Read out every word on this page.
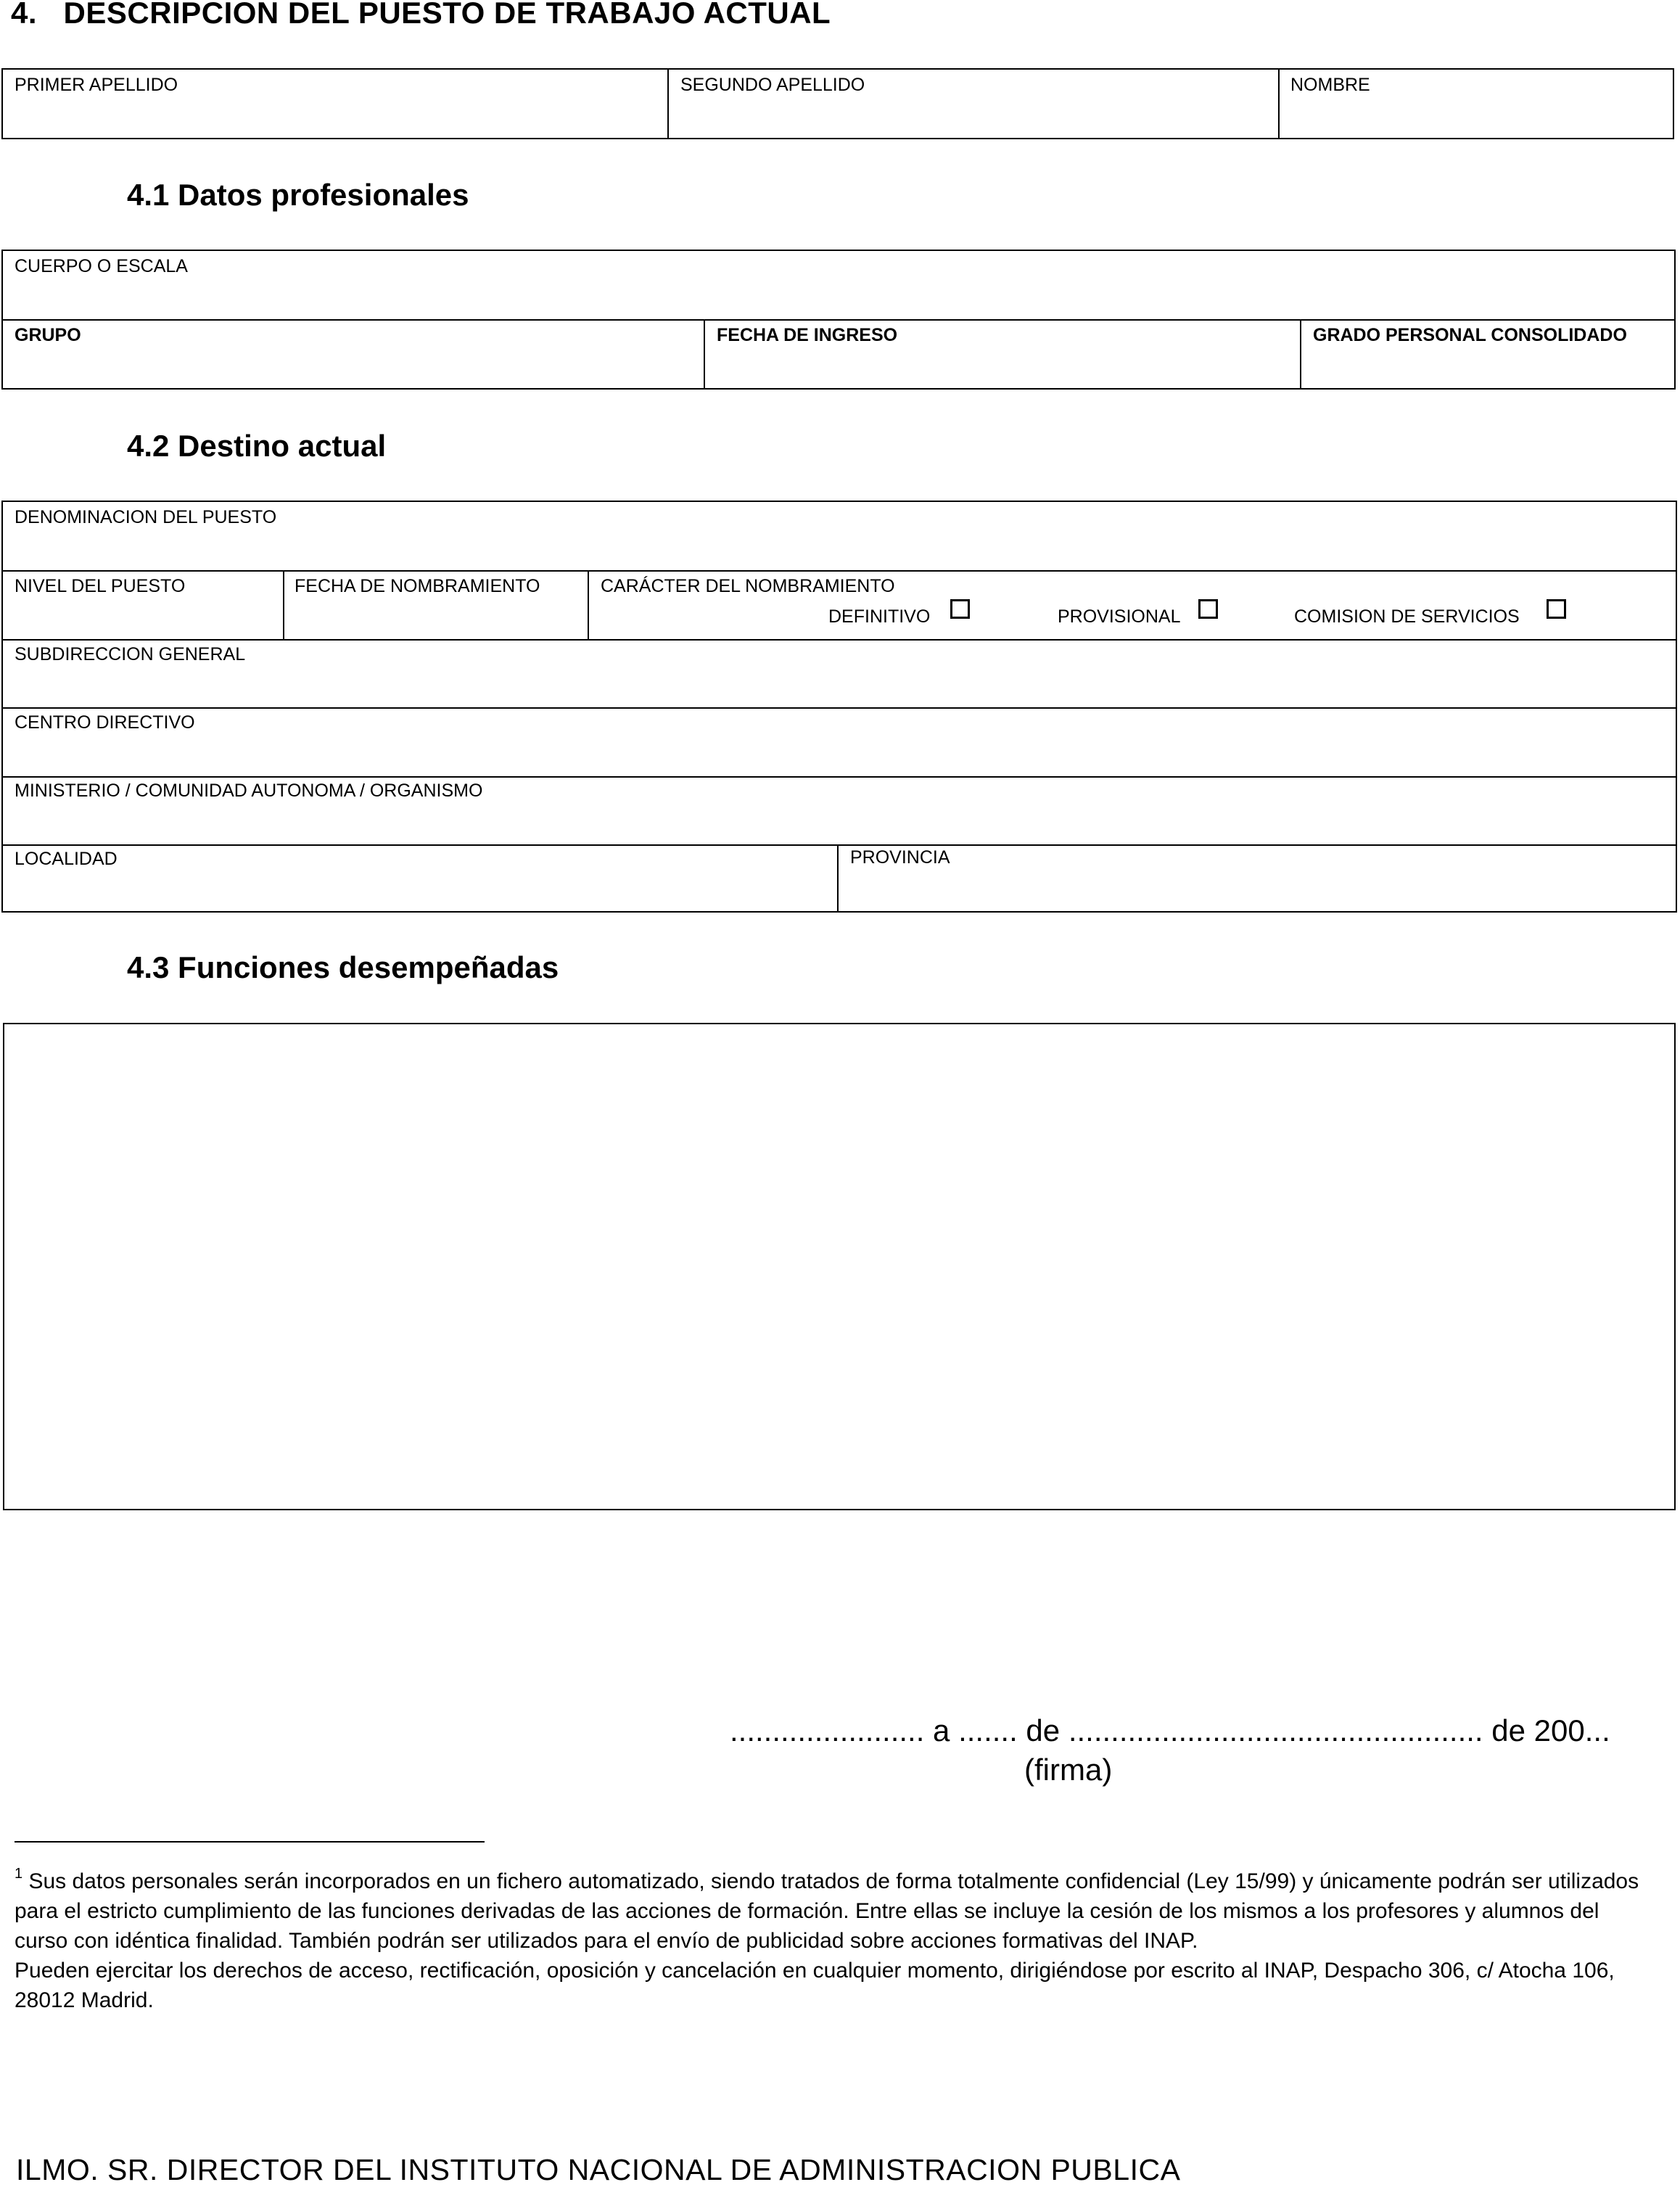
4. DESCRIPCION DEL PUESTO DE TRABAJO ACTUAL
PRIMER APELLIDO	SEGUNDO APELLIDO	NOMBRE
4.1 Datos profesionales
CUERPO O ESCALA
GRUPO	FECHA DE INGRESO	GRADO PERSONAL CONSOLIDADO
4.2 Destino actual
DENOMINACION DEL PUESTO
NIVEL DEL PUESTO	FECHA DE NOMBRAMIENTO	CARÁCTER DEL NOMBRAMIENTO
DEFINITIVO	PROVISIONAL	COMISION DE SERVICIOS
SUBDIRECCION GENERAL
CENTRO DIRECTIVO
MINISTERIO / COMUNIDAD AUTONOMA / ORGANISMO
LOCALIDAD	PROVINCIA
4.3 Funciones desempeñadas
....................... a ....... de ................................................. de 200...
(firma)

$^1$ Sus datos personales serán incorporados en un fichero automatizado, siendo tratados de forma totalmente confidencial (Ley 15/99) y únicamente podrán ser utilizados para el estricto cumplimiento de las funciones derivadas de las acciones de formación. Entre ellas se incluye la cesión de los mismos a los profesores y alumnos del curso con idéntica finalidad. También podrán ser utilizados para el envío de publicidad sobre acciones formativas del INAP.

Pueden ejercitar los derechos de acceso, rectificación, oposición y cancelación en cualquier momento, dirigiéndose por escrito al INAP, Despacho 306, c/ Atocha 106, 28012 Madrid.

ILMO. SR. DIRECTOR DEL INSTITUTO NACIONAL DE ADMINISTRACION PUBLICA
